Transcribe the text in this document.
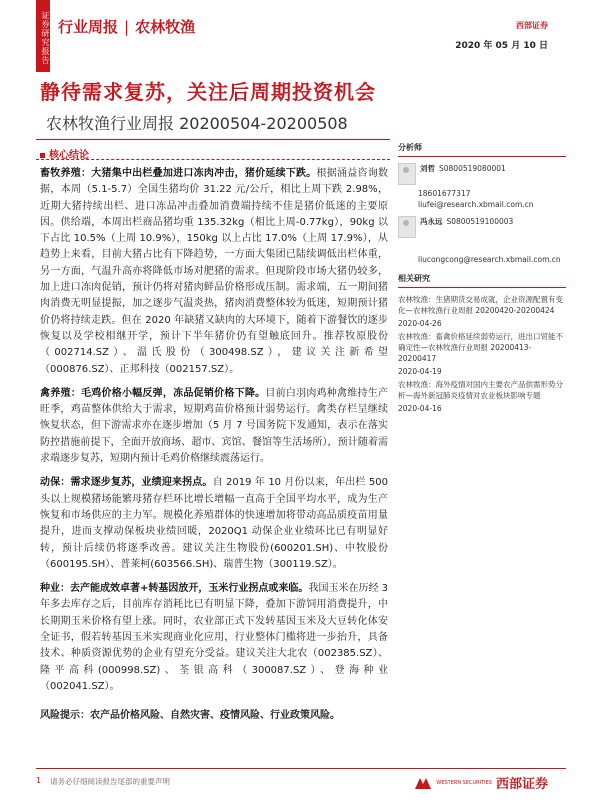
证券研究报告 行业周报 | 农林牧渔	西部证券
2020 年 05 月 10 日
静待需求复苏，关注后周期投资机会
农林牧渔行业周报 20200504-20200508
核心结论

畜牧养殖：大猪集中出栏叠加进口冻肉冲击，猪价延续下跌。根据涌益咨询数据，本周（5.1-5.7）全国生猪均价 31.22 元/公斤，相比上周下跌 2.98%，近期大猪持续出栏、进口冻品冲击叠加消费端持续不佳是猪价低迷的主要原因。供给端，本周出栏商品猪均重 135.32kg（相比上周-0.77kg），90kg 以下占比 10.5%（上周 10.9%），150kg 以上占比 17.0%（上周 17.9%），从趋势上来看，目前大猪占比有下降趋势，一方面大集团已陆续调低出栏体重，另一方面，气温升高亦将降低市场对肥猪的需求。但现阶段市场大猪仍较多，加上进口冻肉促销，预计仍将对猪肉鲜品价格形成压制。需求端，五一期间猪肉消费无明显提振，加之逐步气温炎热，猪肉消费整体较为低迷，短期预计猪价仍将持续走跌。但在 2020 年缺猪又缺肉的大环境下，随着下游餐饮的逐步恢复以及学校相继开学，预计下半年猪价仍有望触底回升。推荐牧原股份（002714.SZ）、温氏股份（300498.SZ），建议关注新希望（000876.SZ）、正邦科技（002157.SZ）。

禽养殖：毛鸡价格小幅反弹，冻品促销价格下降。目前白羽肉鸡种禽维持生产旺季，鸡苗整体供给大于需求，短期鸡苗价格预计弱势运行。禽类存栏呈继续恢复状态，但下游需求亦在逐步增加（5 月 7 号国务院下发通知，表示在落实防控措施前提下，全面开放商场、超市、宾馆、餐馆等生活场所），预计随着需求端逐步复苏，短期内预计毛鸡价格继续震荡运行。

动保：需求逐步复苏，业绩迎来拐点。自 2019 年 10 月份以来，年出栏 500 头以上规模猪场能繁母猪存栏环比增长增幅一直高于全国平均水平，成为生产恢复和市场供应的主力军。规模化养殖群体的快速增加将带动高品质疫苗用量提升，进而支撑动保板块业绩回暖，2020Q1 动保企业业绩环比已有明显好转，预计后续仍将逐季改善。建议关注生物股份(600201.SH)、中牧股份（600195.SH）、普莱柯(603566.SH)、瑞普生物（300119.SZ）。

种业：去产能成效卓著+转基因放开，玉米行业拐点或来临。我国玉米在历经 3 年多去库存之后，目前库存消耗比已有明显下降，叠加下游饲用消费提升，中长期期玉米价格有望上涨。同时，农业部正式下发转基因玉米及大豆转化体安全证书，假若转基因玉米实现商业化应用，行业整体门槛将进一步抬升，具备技术、种质资源优势的企业有望充分受益。建议关注大北农（002385.SZ）、隆平高科(000998.SZ)、荃银高科（300087.SZ）、登海种业（002041.SZ）。

风险提示：农产品价格风险、自然灾害、疫情风险、行业政策风险。
分析师
刘哲 S0800519080001
18601677317
liufei@research.xbmail.com.cn
冯永远 S0800519100003
liucongcong@research.xbmail.com.cn
相关研究
农林牧渔：生猪期货交易成就，企业资源配置有变化—农林牧渔行业周报 20200420-20200424
2020-04-26
农林牧渔：畜禽价格延续弱势运行，进出口贸能不确定性—农林牧渔行业周报 20200413-20200417
2020-04-19
农林牧渔：海外疫情对国内主要农产品供需形势分析—海外新冠肺炎疫情对农业板块影响专题
2020-04-16
1 请务必仔细阅读报告尾部的重要声明	WESTERN SECURITIES 西部证券
